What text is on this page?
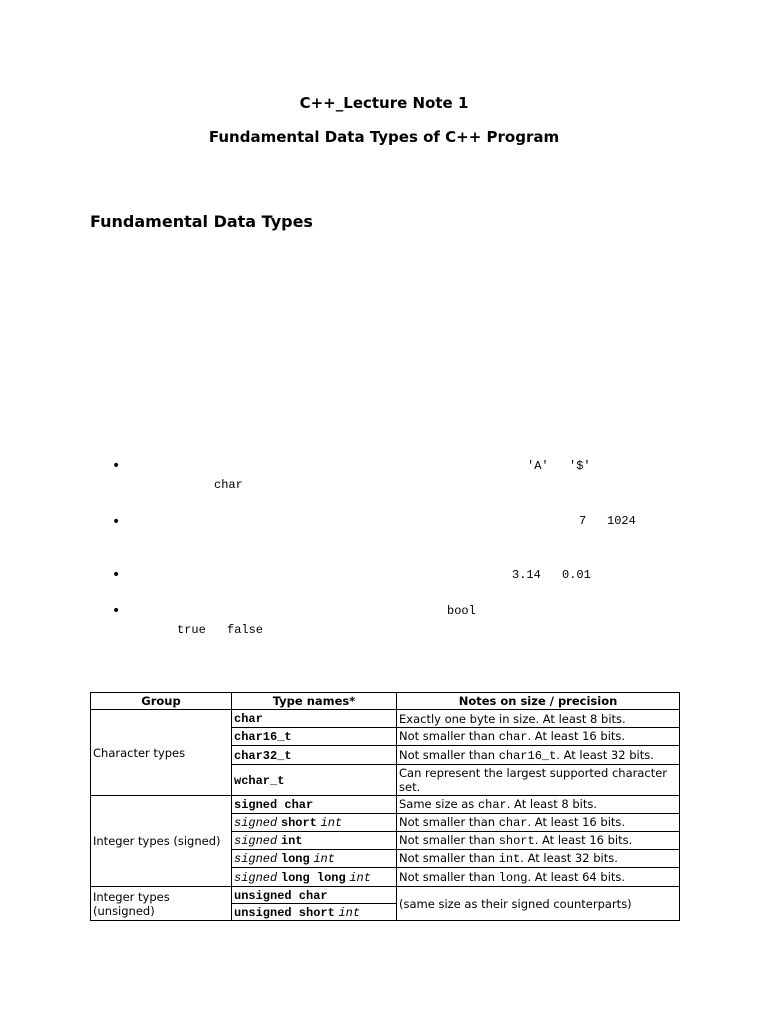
C++_Lecture Note 1
Fundamental Data Types of C++ Program
Fundamental Data Types
•	'A' '$'
char
•	7 1024
•	3.14 0.01
•	bool
true false
Group	Type names*	Notes on size / precision
Character types	char	Exactly one byte in size. At least 8 bits.
	char16_t	Not smaller than char. At least 16 bits.
	char32_t	Not smaller than char16_t. At least 32 bits.
	wchar_t	Can represent the largest supported character set.
Integer types (signed)	signed char	Same size as char. At least 8 bits.
	signed short int	Not smaller than char. At least 16 bits.
	signed int	Not smaller than short. At least 16 bits.
	signed long int	Not smaller than int. At least 32 bits.
	signed long long int	Not smaller than long. At least 64 bits.
Integer types (unsigned)	unsigned char	(same size as their signed counterparts)
	unsigned short int	
